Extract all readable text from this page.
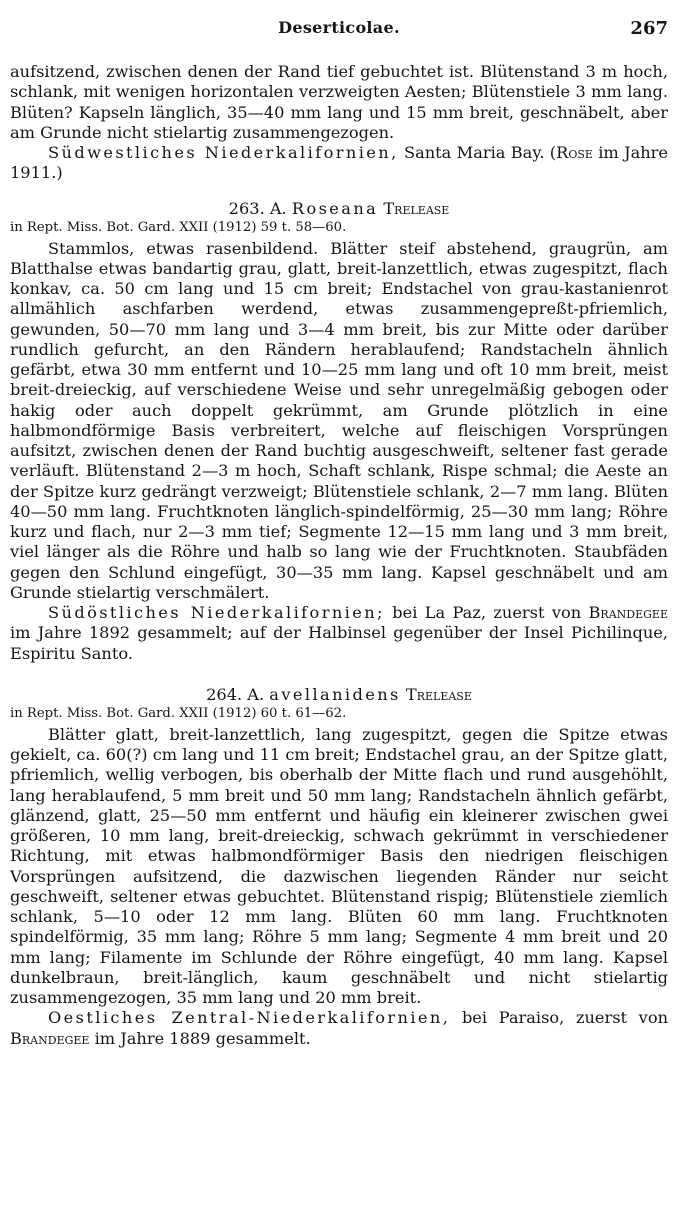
Deserticolae.	267

aufsitzend, zwischen denen der Rand tief gebuchtet ist. Blütenstand 3 m hoch, schlank, mit wenigen horizontalen verzweigten Aesten; Blütenstiele 3 mm lang. Blüten? Kapseln länglich, 35—40 mm lang und 15 mm breit, geschnäbelt, aber am Grunde nicht stielartig zusammengezogen.

Südwestliches Niederkalifornien, Santa Maria Bay. (Rose im Jahre 1911.)

263. A. Roseana Trelease

in Rept. Miss. Bot. Gard. XXII (1912) 59 t. 58—60.

Stammlos, etwas rasenbildend. Blätter steif abstehend, graugrün, am Blatthalse etwas bandartig grau, glatt, breit-lanzettlich, etwas zugespitzt, flach konkav, ca. 50 cm lang und 15 cm breit; Endstachel von grau-kastanienrot allmählich aschfarben werdend, etwas zusammengepreßt-pfriemlich, gewunden, 50—70 mm lang und 3—4 mm breit, bis zur Mitte oder darüber rundlich gefurcht, an den Rändern herablaufend; Randstacheln ähnlich gefärbt, etwa 30 mm entfernt und 10—25 mm lang und oft 10 mm breit, meist breit-dreieckig, auf verschiedene Weise und sehr unregelmäßig gebogen oder hakig oder auch doppelt gekrümmt, am Grunde plötzlich in eine halbmondförmige Basis verbreitert, welche auf fleischigen Vorsprüngen aufsitzt, zwischen denen der Rand buchtig ausgeschweift, seltener fast gerade verläuft. Blütenstand 2—3 m hoch, Schaft schlank, Rispe schmal; die Aeste an der Spitze kurz gedrängt verzweigt; Blütenstiele schlank, 2—7 mm lang. Blüten 40—50 mm lang. Fruchtknoten länglich-spindelförmig, 25—30 mm lang; Röhre kurz und flach, nur 2—3 mm tief; Segmente 12—15 mm lang und 3 mm breit, viel länger als die Röhre und halb so lang wie der Fruchtknoten. Staubfäden gegen den Schlund eingefügt, 30—35 mm lang. Kapsel geschnäbelt und am Grunde stielartig verschmälert.

Südöstliches Niederkalifornien; bei La Paz, zuerst von Brandegee im Jahre 1892 gesammelt; auf der Halbinsel gegenüber der Insel Pichilinque, Espiritu Santo.

264. A. avellanidens Trelease

in Rept. Miss. Bot. Gard. XXII (1912) 60 t. 61—62.

Blätter glatt, breit-lanzettlich, lang zugespitzt, gegen die Spitze etwas gekielt, ca. 60(?) cm lang und 11 cm breit; Endstachel grau, an der Spitze glatt, pfriemlich, wellig verbogen, bis oberhalb der Mitte flach und rund ausgehöhlt, lang herablaufend, 5 mm breit und 50 mm lang; Randstacheln ähnlich gefärbt, glänzend, glatt, 25—50 mm entfernt und häufig ein kleinerer zwischen gwei größeren, 10 mm lang, breit-dreieckig, schwach gekrümmt in verschiedener Richtung, mit etwas halbmondförmiger Basis den niedrigen fleischigen Vorsprüngen aufsitzend, die dazwischen liegenden Ränder nur seicht geschweift, seltener etwas gebuchtet. Blütenstand rispig; Blütenstiele ziemlich schlank, 5—10 oder 12 mm lang. Blüten 60 mm lang. Fruchtknoten spindelförmig, 35 mm lang; Röhre 5 mm lang; Segmente 4 mm breit und 20 mm lang; Filamente im Schlunde der Röhre eingefügt, 40 mm lang. Kapsel dunkelbraun, breit-länglich, kaum geschnäbelt und nicht stielartig zusammengezogen, 35 mm lang und 20 mm breit.

Oestliches Zentral-Niederkalifornien, bei Paraiso, zuerst von Brandegee im Jahre 1889 gesammelt.
